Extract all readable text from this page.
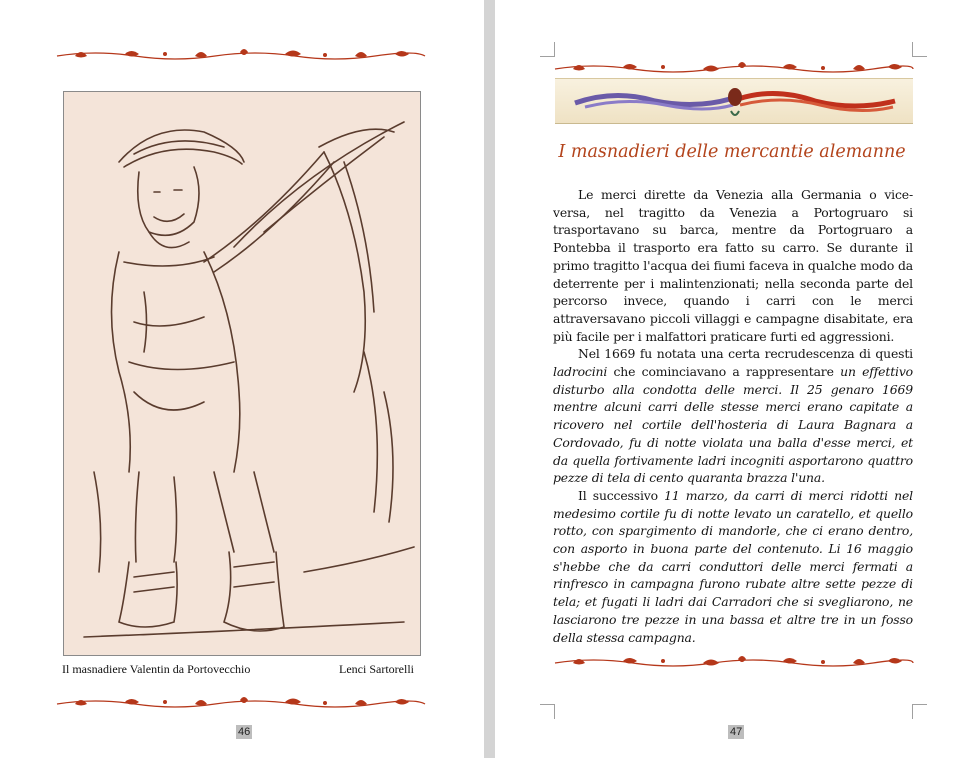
Il masnadiere Valentin da Portovecchio	Lenci Sartorelli
46
I masnadieri delle mercantie alemanne

Le merci dirette da Venezia alla Germania o vice-versa, nel tragitto da Venezia a Portogruaro si trasportavano su barca, mentre da Portogruaro a Pontebba il trasporto era fatto su carro. Se durante il primo tragitto l'acqua dei fiumi faceva in qualche modo da deterrente per i malintenzionati; nella seconda parte del percorso invece, quando i carri con le merci attraversavano piccoli villaggi e campagne disabitate, era più facile per i malfattori praticare furti ed aggressioni.

Nel 1669 fu notata una certa recrudescenza di questi ladrocini che cominciavano a rappresentare un effettivo disturbo alla condotta delle merci. Il 25 genaro 1669 mentre alcuni carri delle stesse merci erano capitate a ricovero nel cortile dell'hosteria di Laura Bagnara a Cordovado, fu di notte violata una balla d'esse merci, et da quella fortivamente ladri incogniti asportarono quattro pezze di tela di cento quaranta brazza l'una.

Il successivo 11 marzo, da carri di merci ridotti nel medesimo cortile fu di notte levato un caratello, et quello rotto, con spargimento di mandorle, che ci erano dentro, con asporto in buona parte del contenuto. Li 16 maggio s'hebbe che da carri conduttori delle merci fermati a rinfresco in campagna furono rubate altre sette pezze di tela; et fugati li ladri dai Carradori che si svegliarono, ne lasciarono tre pezze in una bassa et altre tre in un fosso della stessa campagna.

47
